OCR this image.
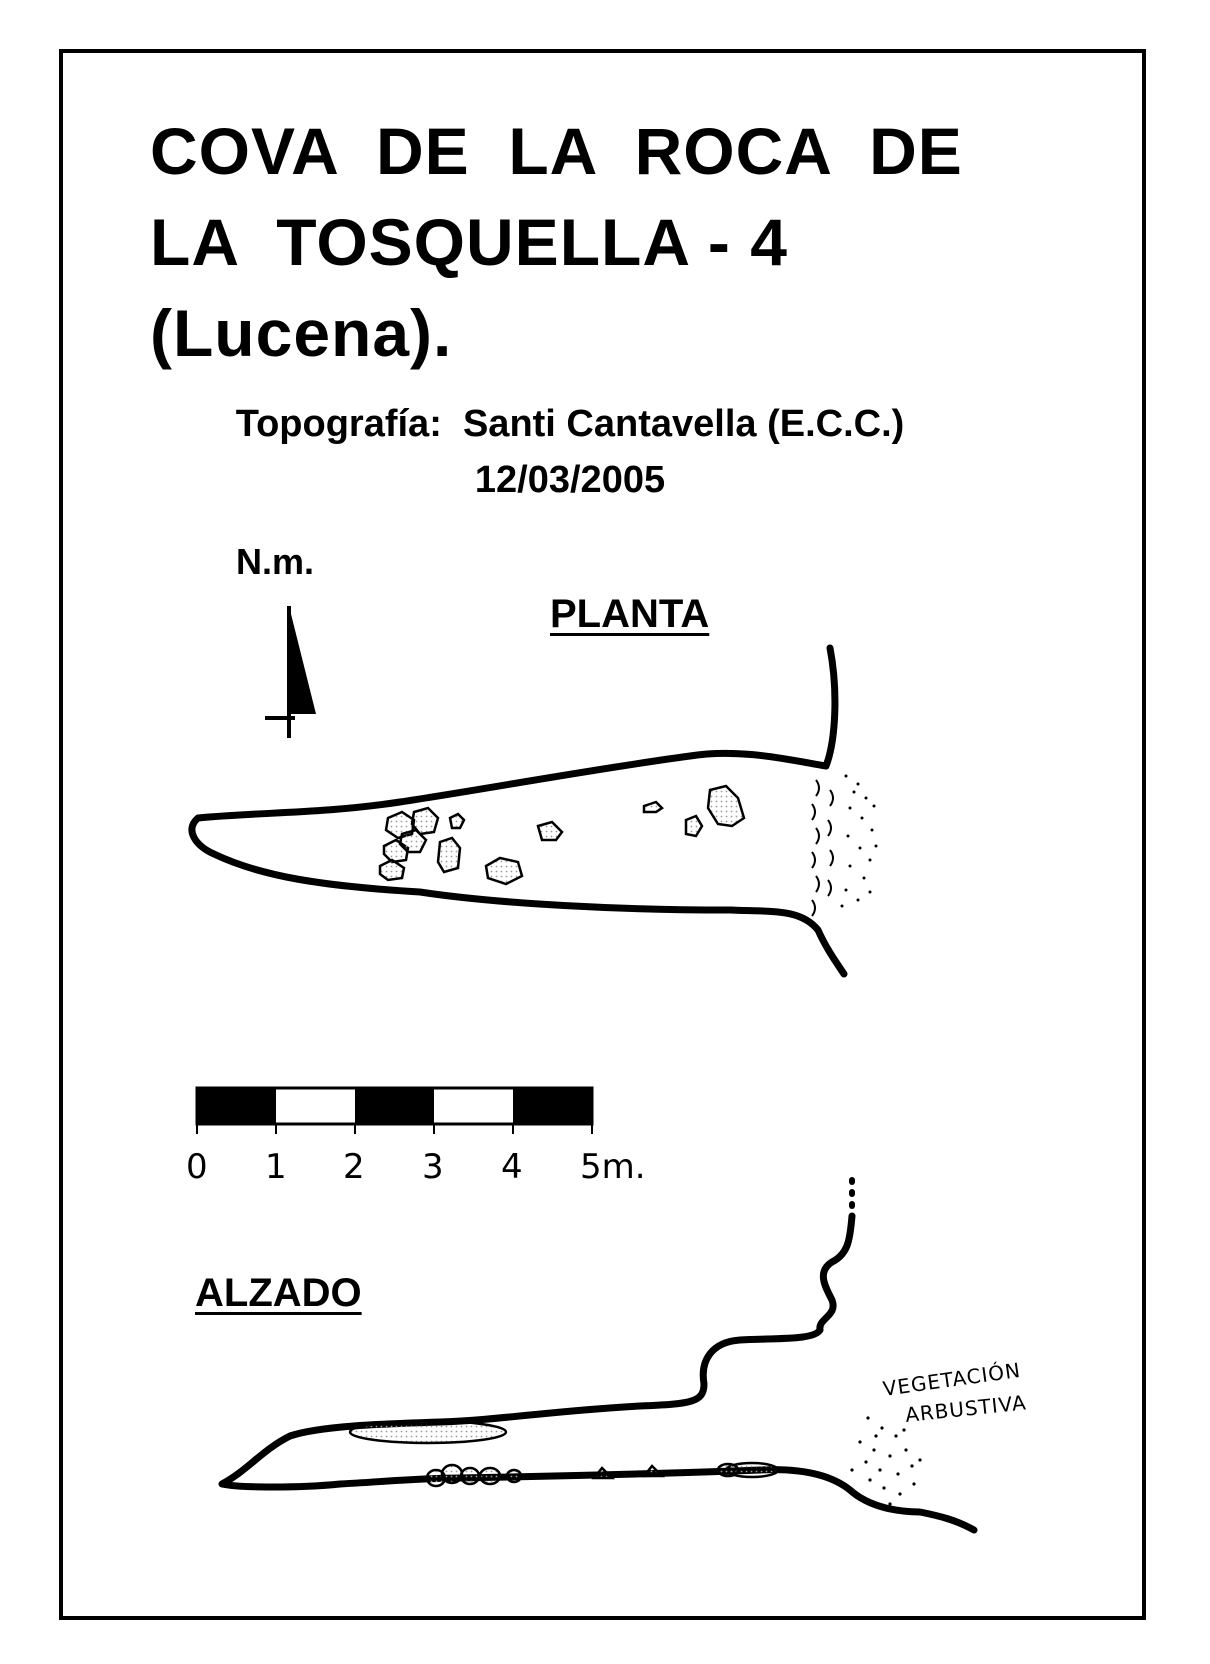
COVA  DE  LA  ROCA  DE
LA  TOSQUELLA - 4
(Lucena).
Topografía:  Santi Cantavella (E.C.C.)
12/03/2005
N.m.
PLANTA
ALZADO
0 1 2 3 4 5m.
VEGETACIÓN
ARBUSTIVA
